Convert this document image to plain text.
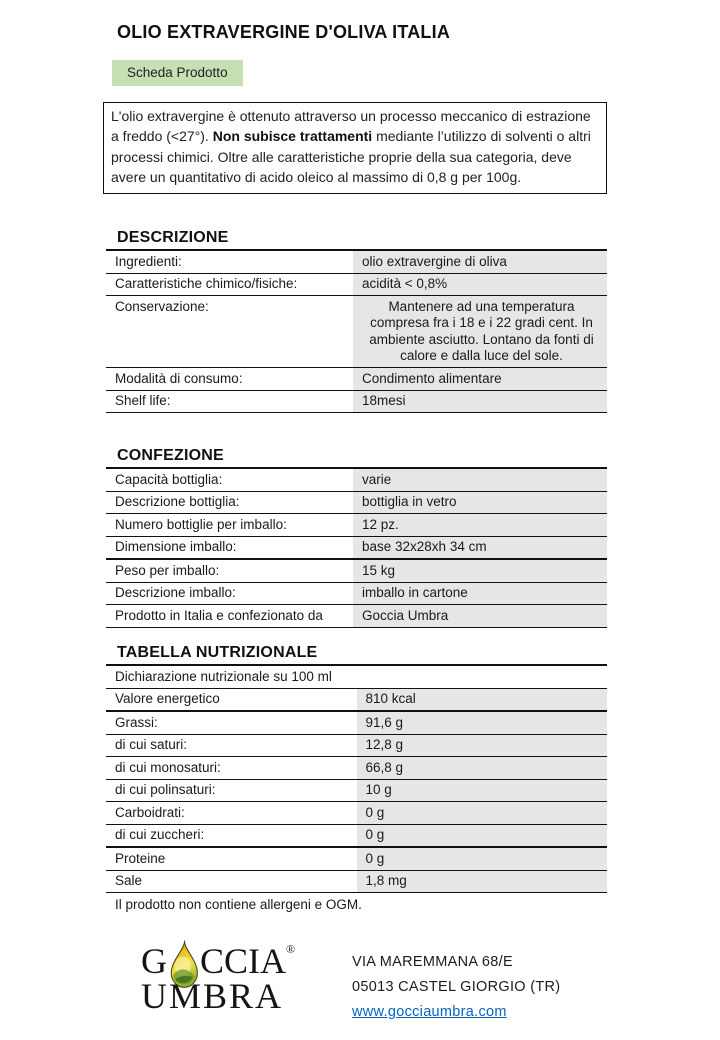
OLIO EXTRAVERGINE D'OLIVA ITALIA
Scheda Prodotto
L'olio extravergine è ottenuto attraverso un processo meccanico di estrazione a freddo (<27°). Non subisce trattamenti mediante l’utilizzo di solventi o altri processi chimici. Oltre alle caratteristiche proprie della sua categoria, deve avere un quantitativo di acido oleico al massimo di 0,8 g per 100g.
DESCRIZIONE
Ingredienti:	olio extravergine di oliva
Caratteristiche chimico/fisiche:	acidità < 0,8%
Conservazione:	Mantenere ad una temperatura compresa fra i 18 e i 22 gradi cent. In ambiente asciutto. Lontano da fonti di calore e dalla luce del sole.
Modalità di consumo:	Condimento alimentare
Shelf life:	18mesi
CONFEZIONE
Capacità bottiglia:	varie
Descrizione bottiglia:	bottiglia in vetro
Numero bottiglie per imballo:	12 pz.
Dimensione imballo:	base 32x28xh 34 cm
Peso per imballo:	15 kg
Descrizione imballo:	imballo in cartone
Prodotto in Italia e confezionato da	Goccia Umbra
TABELLA NUTRIZIONALE
Dichiarazione nutrizionale su 100 ml	
Valore energetico	810 kcal
Grassi:	91,6 g
di cui saturi:	12,8 g
di cui monosaturi:	66,8 g
di cui polinsaturi:	10 g
Carboidrati:	0 g
di cui zuccheri:	0 g
Proteine	0 g
Sale	1,8 mg
Il prodotto non contiene allergeni e OGM.
G CCIA ®
UMBRA
VIA MAREMMANA 68/E
05013 CASTEL GIORGIO (TR)
www.gocciaumbra.com
